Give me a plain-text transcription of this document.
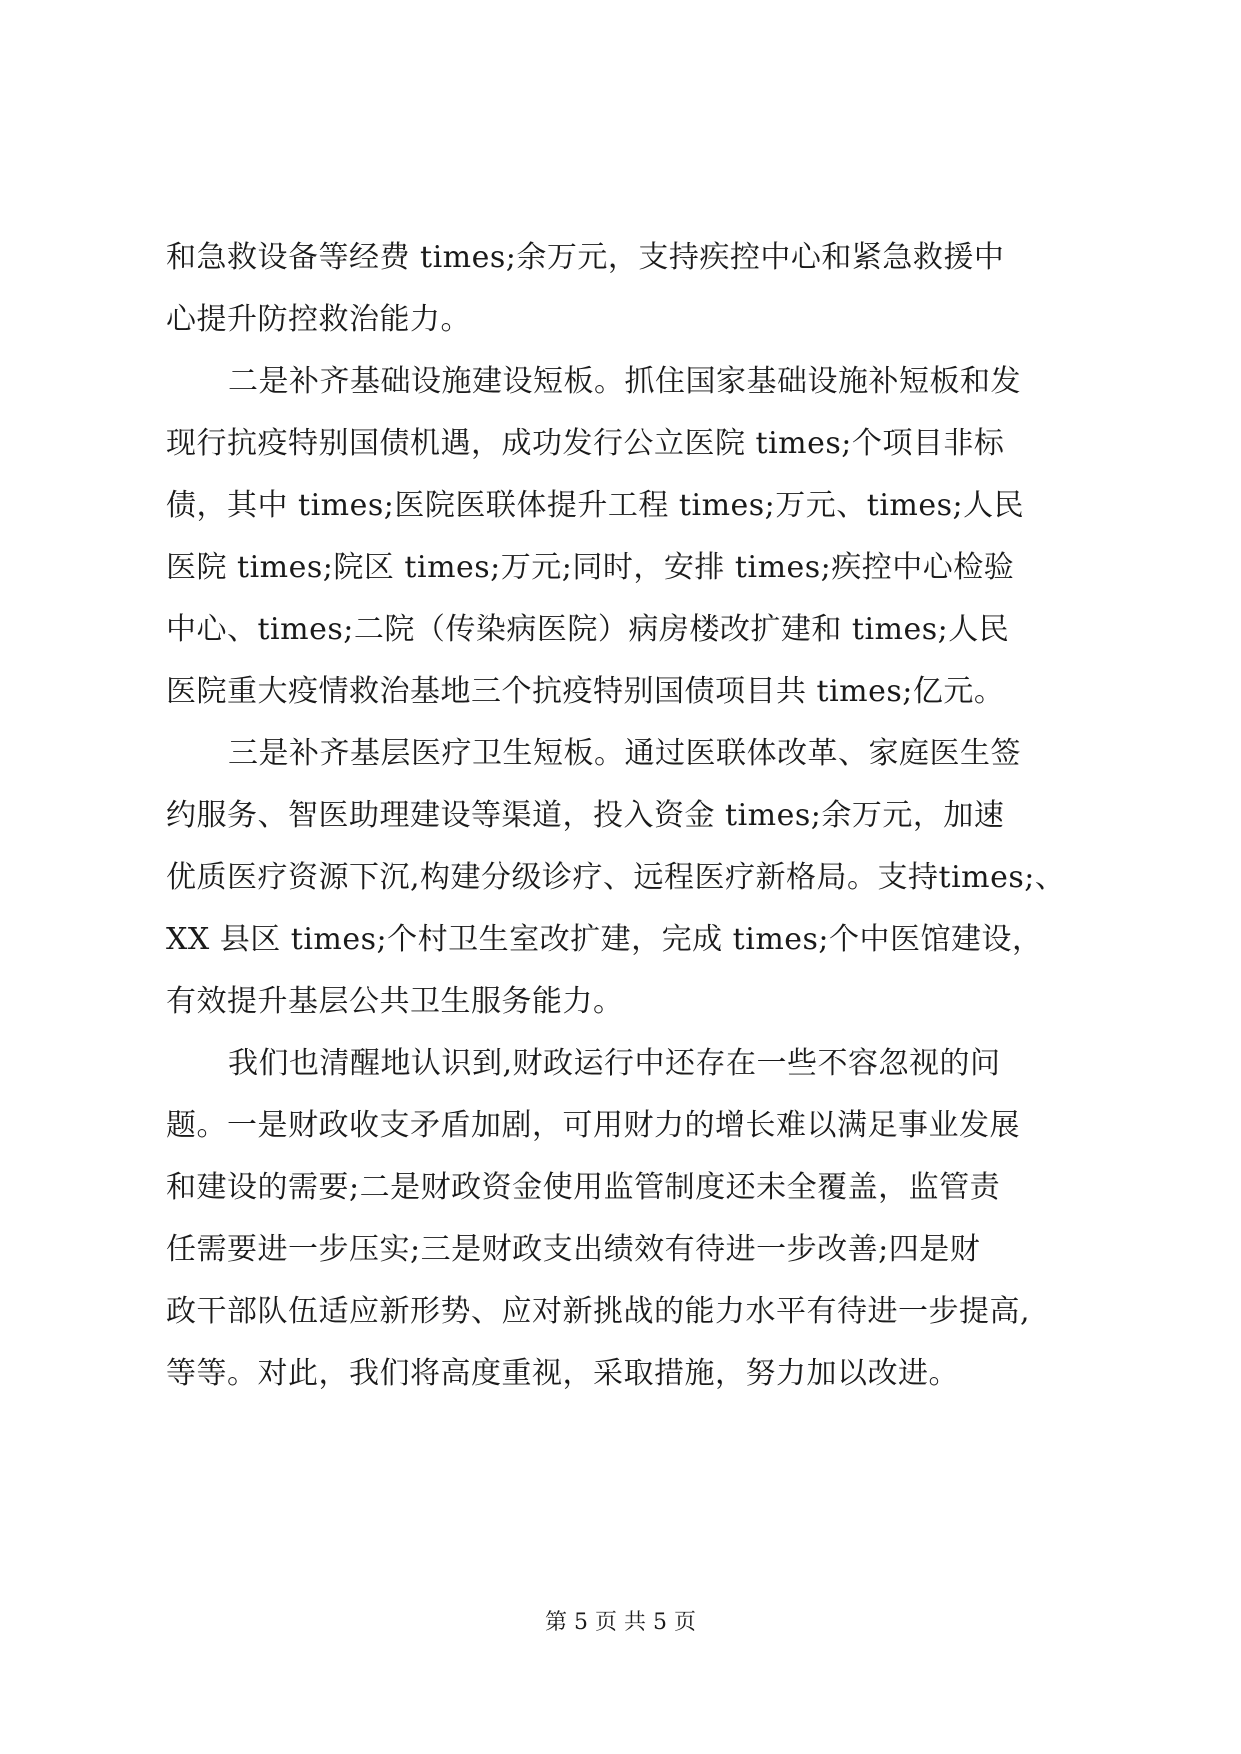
和急救设备等经费 times;余万元，支持疾控中心和紧急救援中
心提升防控救治能力。
二是补齐基础设施建设短板。抓住国家基础设施补短板和发
现行抗疫特别国债机遇，成功发行公立医院 times;个项目非标
债，其中 times;医院医联体提升工程 times;万元、times;人民
医院 times;院区 times;万元;同时，安排 times;疾控中心检验
中心、times;二院（传染病医院）病房楼改扩建和 times;人民
医院重大疫情救治基地三个抗疫特别国债项目共 times;亿元。
三是补齐基层医疗卫生短板。通过医联体改革、家庭医生签
约服务、智医助理建设等渠道，投入资金 times;余万元，加速
优质医疗资源下沉,构建分级诊疗、远程医疗新格局。支持times;、
XX 县区 times;个村卫生室改扩建，完成 times;个中医馆建设，
有效提升基层公共卫生服务能力。
我们也清醒地认识到,财政运行中还存在一些不容忽视的问
题。一是财政收支矛盾加剧，可用财力的增长难以满足事业发展
和建设的需要;二是财政资金使用监管制度还未全覆盖，监管责
任需要进一步压实;三是财政支出绩效有待进一步改善;四是财
政干部队伍适应新形势、应对新挑战的能力水平有待进一步提高,
等等。对此，我们将高度重视，采取措施，努力加以改进。
第 5 页 共 5 页
